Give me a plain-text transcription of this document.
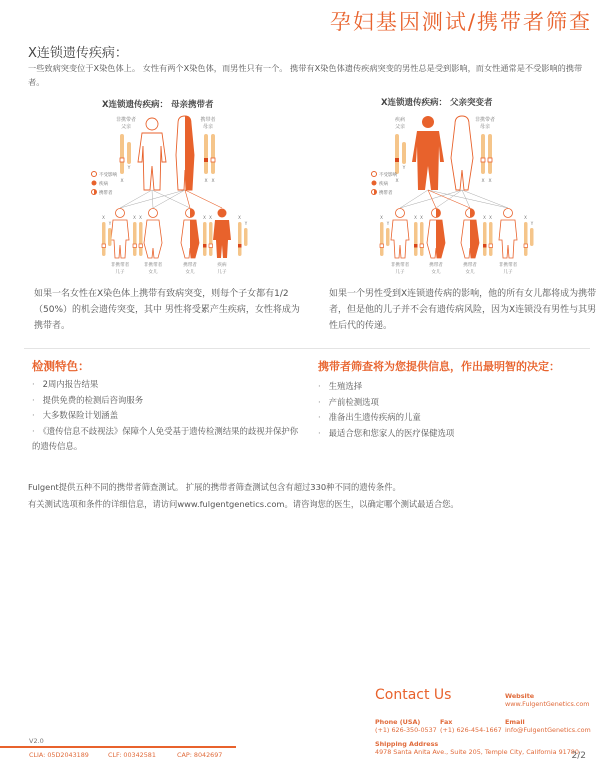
孕妇基因测试/携带者筛查
X连锁遗传疾病：
一些致病突变位于X染色体上。 女性有两个X染色体，而男性只有一个。 携带有X染色体遗传疾病突变的男性总是受到影响，而女性通常是不受影响的携带者。
X连锁遗传疾病： 母亲携带者
非携带者
父亲
携带者
母亲
X
Y
X X
不受影响
疾病
携带者
X
Y
X X	X X	X
Y
非携带者
儿子
非携带者
女儿
携带者
女儿
疾病
儿子
如果一名女性在X染色体上携带有致病突变，则每个子女都有1/2（50%）的机会遗传突变，其中 男性将受累产生疾病，女性将成为携带者。
X连锁遗传疾病： 父亲突变者
疾病
父亲
非携带者
母亲
X
Y
X X
不受影响
疾病
携带者
X
Y
X X	X X	X
Y
非携带者
儿子
携带者
女儿
携带者
女儿
非携带者
儿子
如果一个男性受到X连锁遗传病的影响，他的所有女儿都将成为携带者，但是他的儿子并不会有遗传病风险，因为X连锁没有男性与其男性后代的传递。
检测特色：
· 2周内报告结果
· 提供免费的检测后咨询服务
· 大多数保险计划涵盖
· 《遗传信息不歧视法》保障个人免受基于遗传检测结果的歧视并保护你的遗传信息。
携带者筛查将为您提供信息，作出最明智的决定：
· 生殖选择
· 产前检测选项
· 准备出生遗传疾病的儿童
· 最适合您和您家人的医疗保健选项
Fulgent提供五种不同的携带者筛查测试。 扩展的携带者筛查测试包含有超过330种不同的遗传条件。
有关测试选项和条件的详细信息，请访问www.fulgentgenetics.com。请咨询您的医生，以确定哪个测试最适合您。
Contact Us	Website
www.FulgentGenetics.com
Phone (USA)
(+1) 626-350-0537
Fax
(+1) 626-454-1667
Email
info@FulgentGenetics.com
Shipping Address
4978 Santa Anita Ave., Suite 205, Temple City, California 91780
V2.0
CLIA: 05D2043189	CLF: 00342581	CAP: 8042697	2/2
